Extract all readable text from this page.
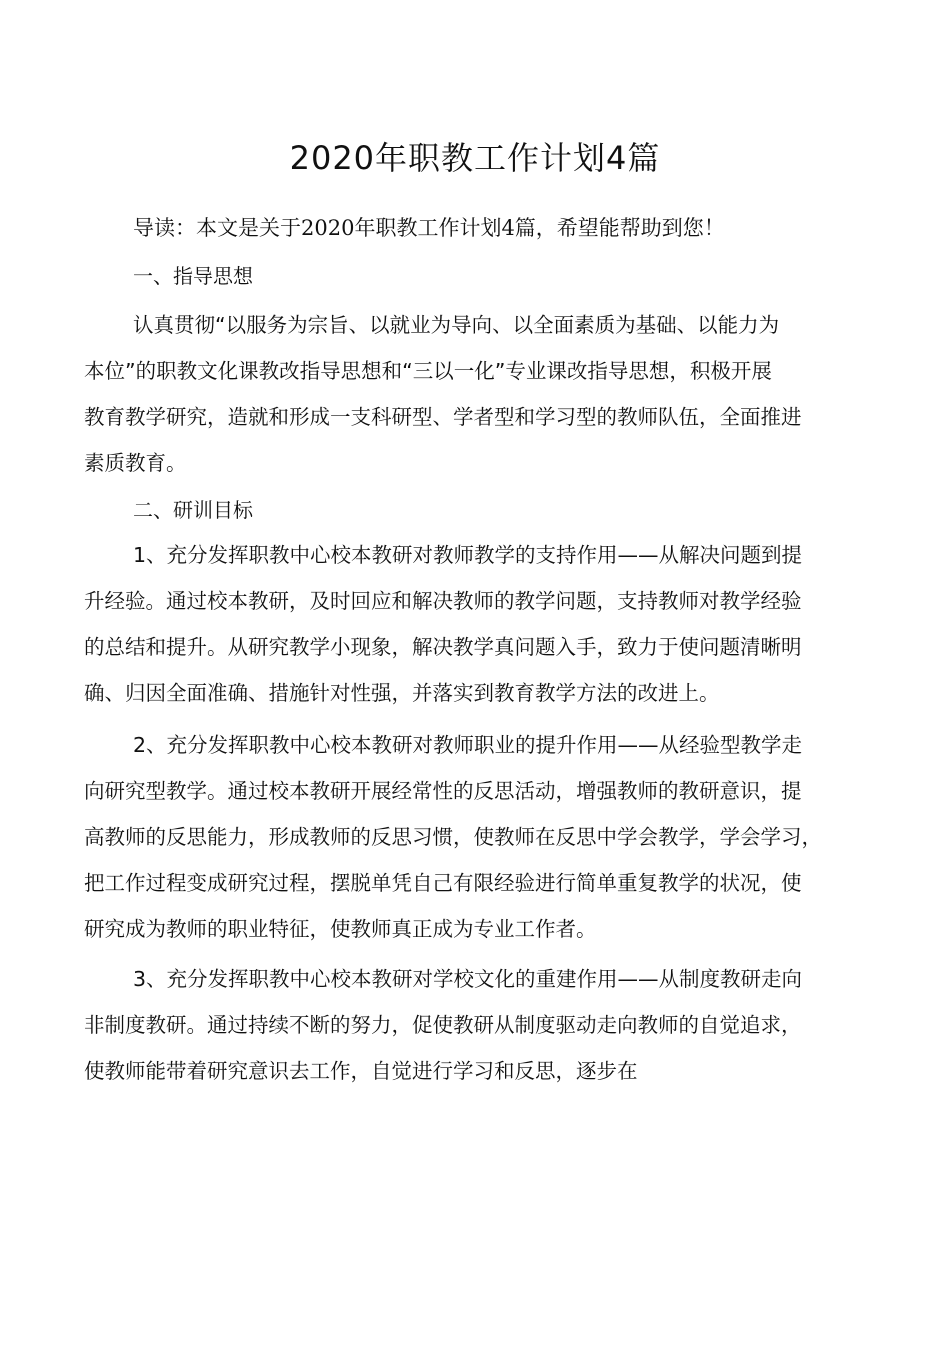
2020年职教工作计划4篇

导读：本文是关于2020年职教工作计划4篇，希望能帮助到您！

一、指导思想
认真贯彻“以服务为宗旨、以就业为导向、以全面素质为基础、以能力为
本位”的职教文化课教改指导思想和“三以一化”专业课改指导思想，积极开展
教育教学研究，造就和形成一支科研型、学者型和学习型的教师队伍，全面推进
素质教育。
二、研训目标
1、充分发挥职教中心校本教研对教师教学的支持作用——从解决问题到提
升经验。通过校本教研，及时回应和解决教师的教学问题，支持教师对教学经验
的总结和提升。从研究教学小现象，解决教学真问题入手，致力于使问题清晰明
确、归因全面准确、措施针对性强，并落实到教育教学方法的改进上。
2、充分发挥职教中心校本教研对教师职业的提升作用——从经验型教学走
向研究型教学。通过校本教研开展经常性的反思活动，增强教师的教研意识，提
高教师的反思能力，形成教师的反思习惯，使教师在反思中学会教学，学会学习，
把工作过程变成研究过程，摆脱单凭自己有限经验进行简单重复教学的状况，使
研究成为教师的职业特征，使教师真正成为专业工作者。
3、充分发挥职教中心校本教研对学校文化的重建作用——从制度教研走向
非制度教研。通过持续不断的努力，促使教研从制度驱动走向教师的自觉追求，
使教师能带着研究意识去工作，自觉进行学习和反思，逐步在
